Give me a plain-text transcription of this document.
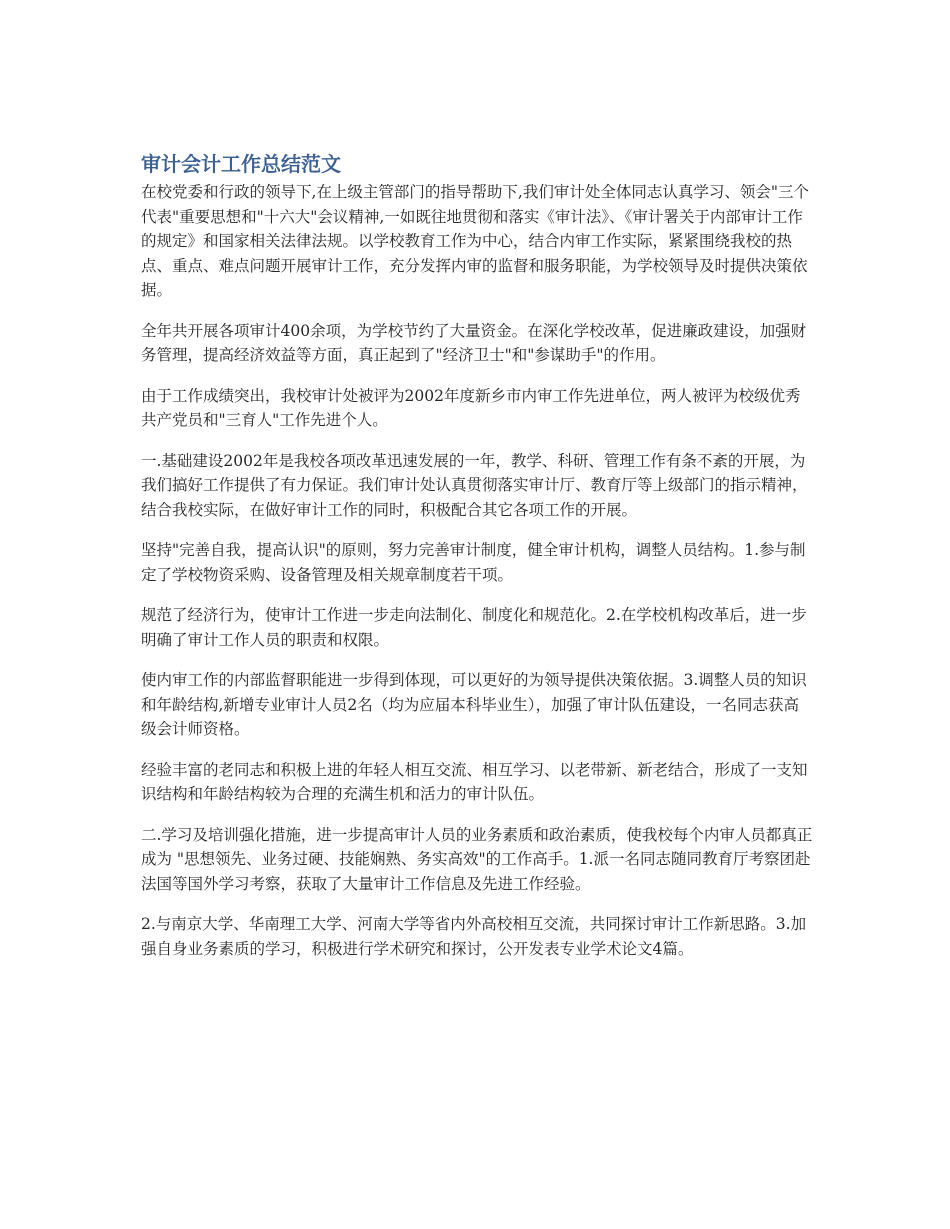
审计会计工作总结范文

在校党委和行政的领导下,在上级主管部门的指导帮助下,我们审计处全体同志认真学习、领会"三个代表"重要思想和"十六大"会议精神,一如既往地贯彻和落实《审计法》、《审计署关于内部审计工作的规定》和国家相关法律法规。以学校教育工作为中心，结合内审工作实际，紧紧围绕我校的热点、重点、难点问题开展审计工作，充分发挥内审的监督和服务职能，为学校领导及时提供决策依据。

全年共开展各项审计400余项，为学校节约了大量资金。在深化学校改革，促进廉政建设，加强财务管理，提高经济效益等方面，真正起到了"经济卫士"和"参谋助手"的作用。

由于工作成绩突出，我校审计处被评为2002年度新乡市内审工作先进单位，两人被评为校级优秀共产党员和"三育人"工作先进个人。

一.基础建设2002年是我校各项改革迅速发展的一年，教学、科研、管理工作有条不紊的开展，为我们搞好工作提供了有力保证。我们审计处认真贯彻落实审计厅、教育厅等上级部门的指示精神，结合我校实际，在做好审计工作的同时，积极配合其它各项工作的开展。

坚持"完善自我，提高认识"的原则，努力完善审计制度，健全审计机构，调整人员结构。1.参与制定了学校物资采购、设备管理及相关规章制度若干项。

规范了经济行为，使审计工作进一步走向法制化、制度化和规范化。2.在学校机构改革后，进一步明确了审计工作人员的职责和权限。

使内审工作的内部监督职能进一步得到体现，可以更好的为领导提供决策依据。3.调整人员的知识和年龄结构,新增专业审计人员2名（均为应届本科毕业生），加强了审计队伍建设，一名同志获高级会计师资格。

经验丰富的老同志和积极上进的年轻人相互交流、相互学习、以老带新、新老结合，形成了一支知识结构和年龄结构较为合理的充满生机和活力的审计队伍。

二.学习及培训强化措施，进一步提高审计人员的业务素质和政治素质，使我校每个内审人员都真正成为 "思想领先、业务过硬、技能娴熟、务实高效"的工作高手。1.派一名同志随同教育厅考察团赴法国等国外学习考察，获取了大量审计工作信息及先进工作经验。

2.与南京大学、华南理工大学、河南大学等省内外高校相互交流，共同探讨审计工作新思路。3.加强自身业务素质的学习，积极进行学术研究和探讨，公开发表专业学术论文4篇。
